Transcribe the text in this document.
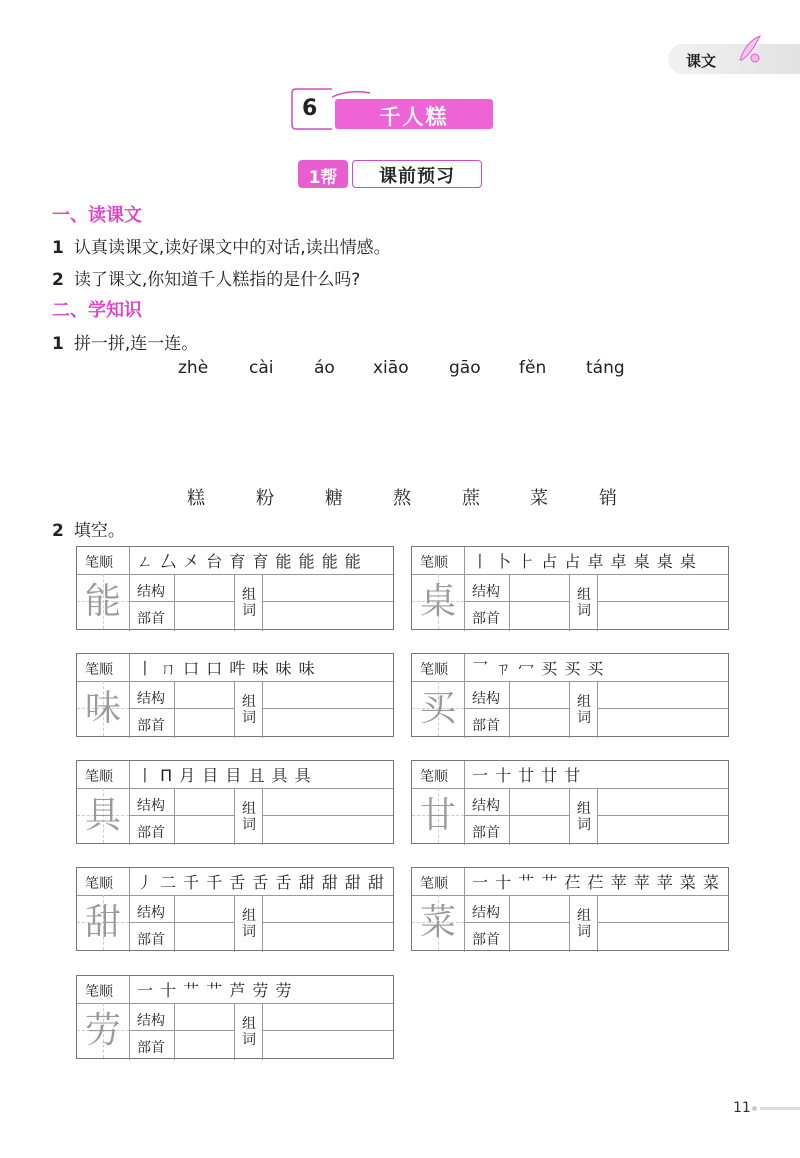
课文
6	千人糕
1帮	课前预习
一、读课文
1 认真读课文,读好课文中的对话,读出情感。
2 读了课文,你知道千人糕指的是什么吗?
二、学知识
1 拼一拼,连一连。
zhè cài áo xiāo gāo fěn táng
糕	粉	糖	熬	蔗	菜	销
2 填空。
笔顺 ㄥ 厶 㐅 台 育 育 能 能 能 能
能	结构
部首
组词
笔顺 丨 卜 ⺊ 占 占 卓 卓 桌 桌 桌
桌	结构
部首
组词
笔顺 丨 ㄇ 口 口 吽 味 味 味
味	结构
部首
组词
笔顺 乛 ㄗ 冖 买 买 买
买	结构
部首
组词
笔顺 丨 П 月 目 目 且 具 具
具	结构
部首
组词
笔顺 一 十 廿 廿 甘
甘	结构
部首
组词
笔顺 丿 二 千 千 舌 舌 舌 甜 甜 甜 甜
甜	结构
部首
组词
笔顺 一 十 艹 艹 芢 芢 苹 苹 苹 菜 菜
菜	结构
部首
组词
笔顺 一 十 艹 艹 芦 劳 劳
劳	结构
部首
组词
11
